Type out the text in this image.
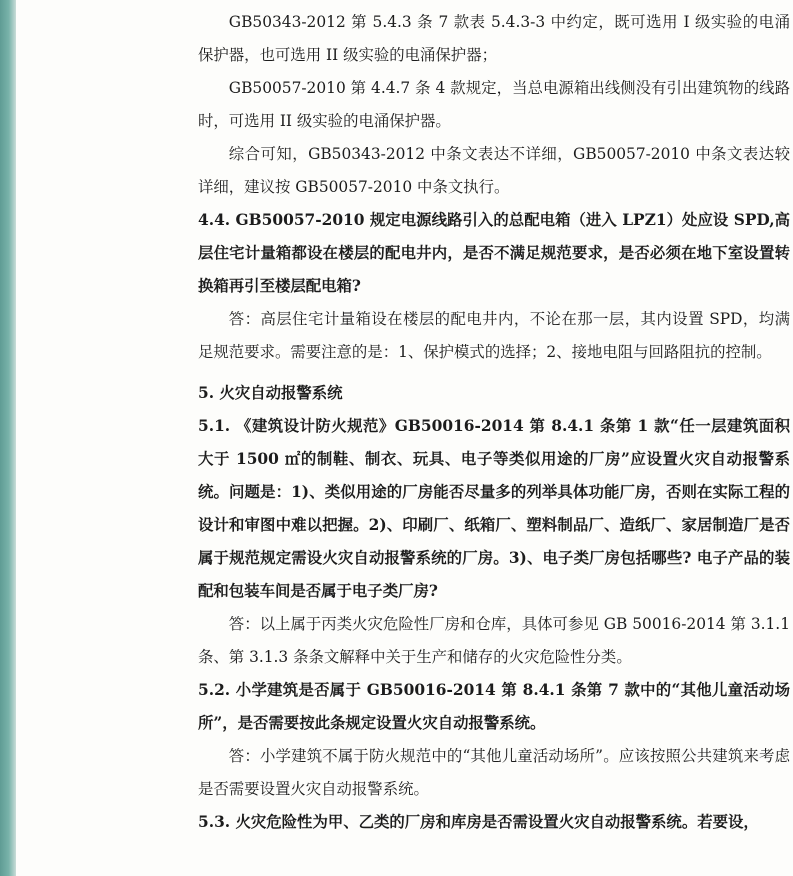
GB50343-2012 第 5.4.3 条 7 款表 5.4.3-3 中约定，既可选用 I 级实验的电涌保护器，也可选用 II 级实验的电涌保护器；

GB50057-2010 第 4.4.7 条 4 款规定，当总电源箱出线侧没有引出建筑物的线路时，可选用 II 级实验的电涌保护器。

综合可知，GB50343-2012 中条文表达不详细，GB50057-2010 中条文表达较详细，建议按 GB50057-2010 中条文执行。

4.4. GB50057-2010 规定电源线路引入的总配电箱（进入 LPZ1）处应设 SPD,高层住宅计量箱都设在楼层的配电井内，是否不满足规范要求，是否必须在地下室设置转换箱再引至楼层配电箱?

答：高层住宅计量箱设在楼层的配电井内，不论在那一层，其内设置 SPD，均满足规范要求。需要注意的是：1、保护模式的选择；2、接地电阻与回路阻抗的控制。

5. 火灾自动报警系统

5.1. 《建筑设计防火规范》GB50016-2014 第 8.4.1 条第 1 款“任一层建筑面积大于 1500 ㎡的制鞋、制衣、玩具、电子等类似用途的厂房”应设置火灾自动报警系统。问题是：1)、类似用途的厂房能否尽量多的列举具体功能厂房，否则在实际工程的设计和审图中难以把握。2)、印刷厂、纸箱厂、塑料制品厂、造纸厂、家居制造厂是否属于规范规定需设火灾自动报警系统的厂房。3)、电子类厂房包括哪些? 电子产品的装配和包装车间是否属于电子类厂房?

答：以上属于丙类火灾危险性厂房和仓库，具体可参见 GB 50016-2014 第 3.1.1 条、第 3.1.3 条条文解释中关于生产和储存的火灾危险性分类。

5.2. 小学建筑是否属于 GB50016-2014 第 8.4.1 条第 7 款中的“其他儿童活动场所”，是否需要按此条规定设置火灾自动报警系统。

答：小学建筑不属于防火规范中的“其他儿童活动场所”。应该按照公共建筑来考虑是否需要设置火灾自动报警系统。

5.3. 火灾危险性为甲、乙类的厂房和库房是否需设置火灾自动报警系统。若要设，
